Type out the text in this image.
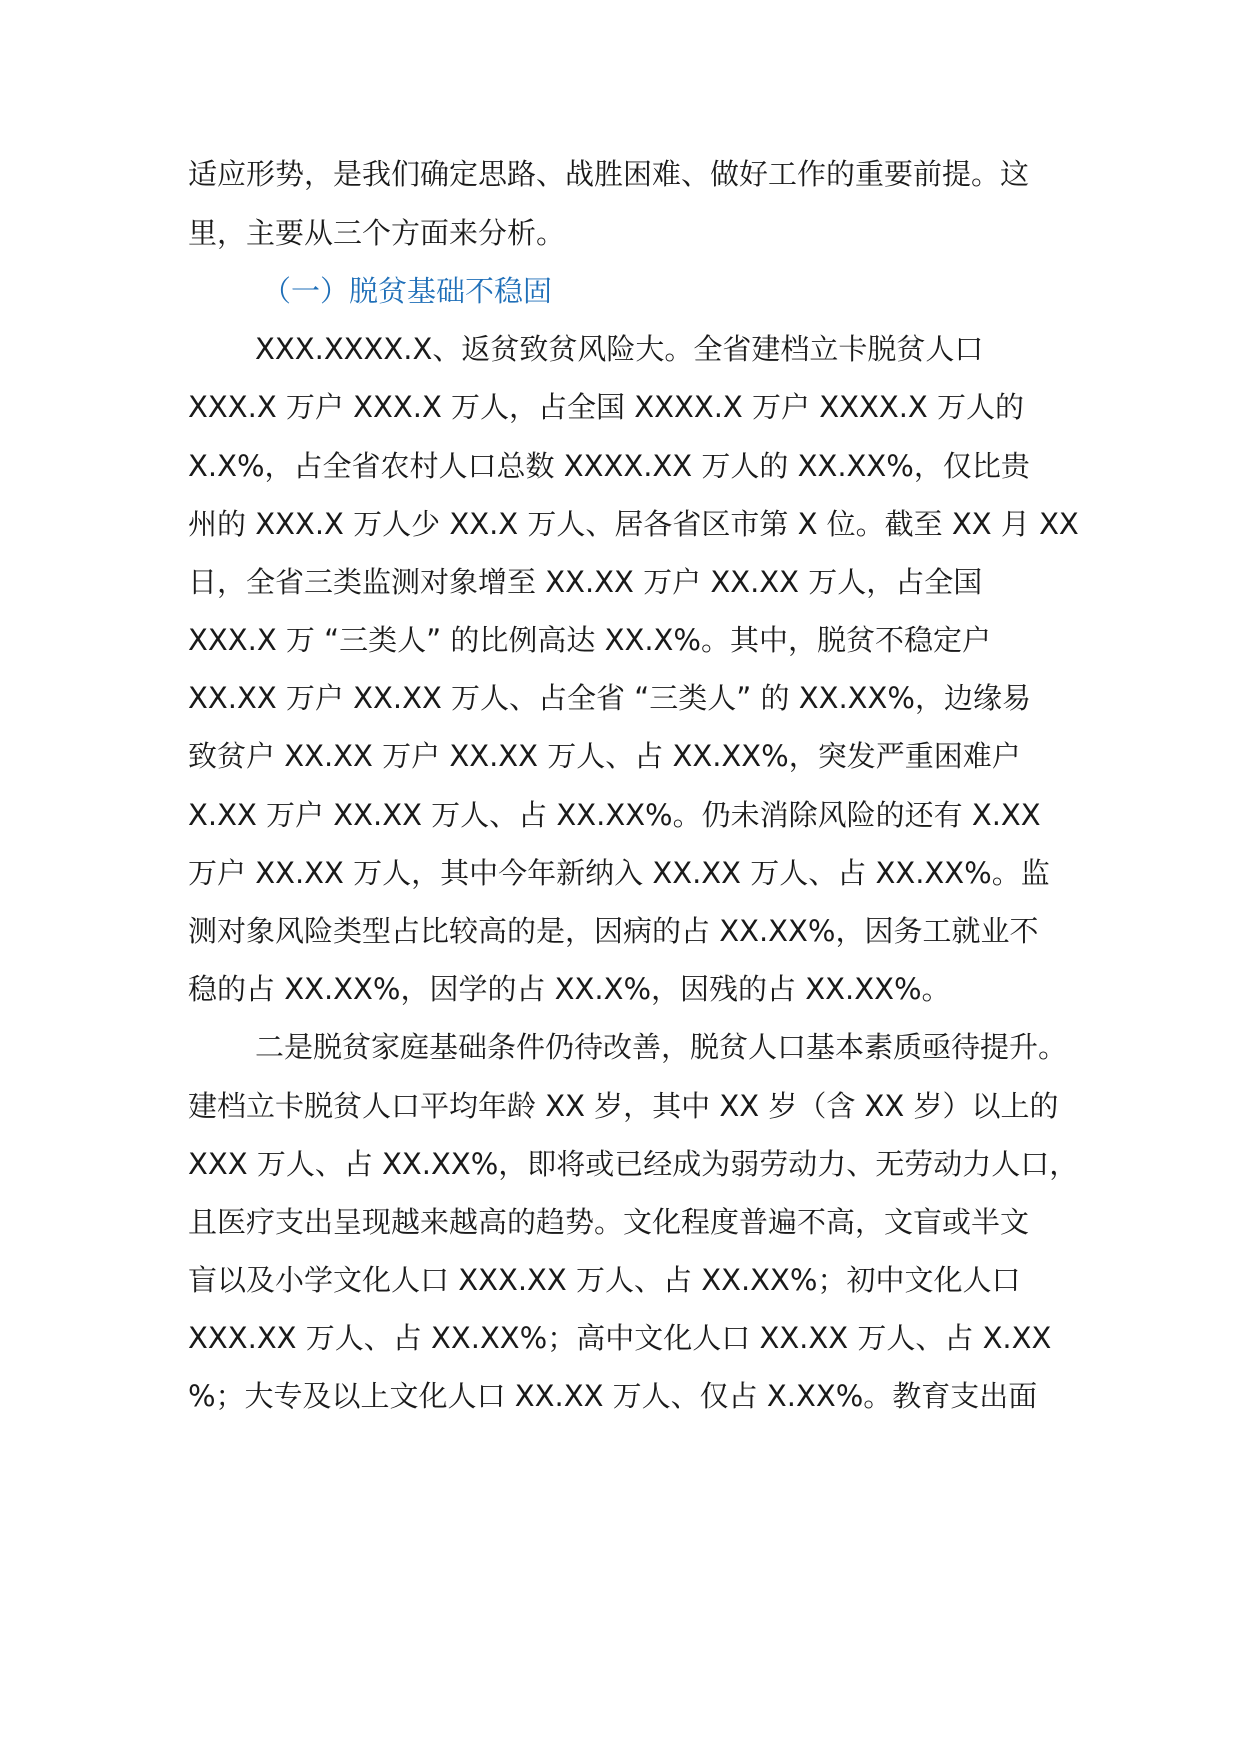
适应形势，是我们确定思路、战胜困难、做好工作的重要前提。这
里，主要从三个方面来分析。
（一）脱贫基础不稳固
XXX.XXXX.X、返贫致贫风险大。全省建档立卡脱贫人口
XXX.X 万户 XXX.X 万人，占全国 XXXX.X 万户 XXXX.X 万人的
X.X%，占全省农村人口总数 XXXX.XX 万人的 XX.XX%，仅比贵
州的 XXX.X 万人少 XX.X 万人、居各省区市第 X 位。截至 XX 月 XX
日，全省三类监测对象增至 XX.XX 万户 XX.XX 万人，占全国
XXX.X 万 “三类人” 的比例高达 XX.X%。其中，脱贫不稳定户
XX.XX 万户 XX.XX 万人、占全省 “三类人” 的 XX.XX%，边缘易
致贫户 XX.XX 万户 XX.XX 万人、占 XX.XX%，突发严重困难户
X.XX 万户 XX.XX 万人、占 XX.XX%。仍未消除风险的还有 X.XX
万户 XX.XX 万人，其中今年新纳入 XX.XX 万人、占 XX.XX%。监
测对象风险类型占比较高的是，因病的占 XX.XX%，因务工就业不
稳的占 XX.XX%，因学的占 XX.X%，因残的占 XX.XX%。
二是脱贫家庭基础条件仍待改善，脱贫人口基本素质亟待提升。
建档立卡脱贫人口平均年龄 XX 岁，其中 XX 岁（含 XX 岁）以上的
XXX 万人、占 XX.XX%，即将或已经成为弱劳动力、无劳动力人口，
且医疗支出呈现越来越高的趋势。文化程度普遍不高，文盲或半文
盲以及小学文化人口 XXX.XX 万人、占 XX.XX%；初中文化人口
XXX.XX 万人、占 XX.XX%；高中文化人口 XX.XX 万人、占 X.XX
%；大专及以上文化人口 XX.XX 万人、仅占 X.XX%。教育支出面
